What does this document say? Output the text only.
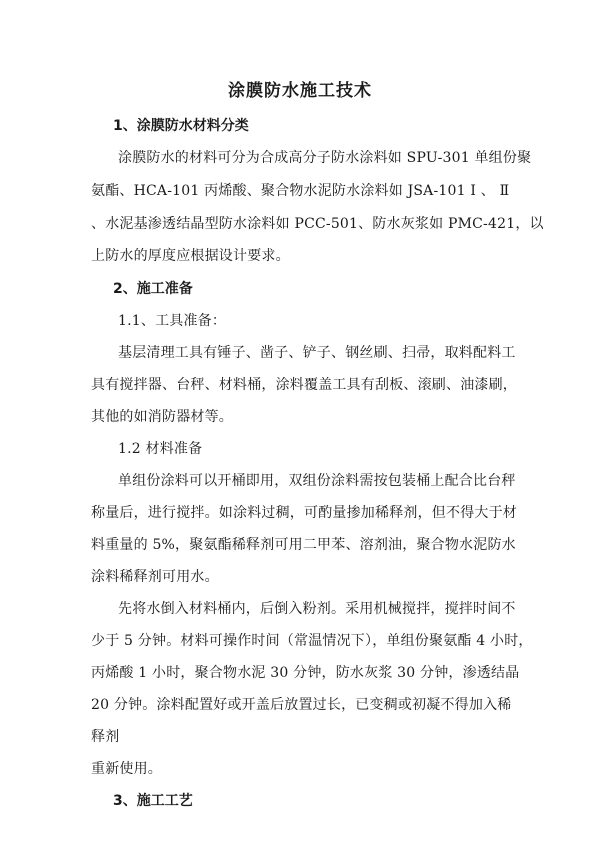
涂膜防水施工技术
1、涂膜防水材料分类

涂膜防水的材料可分为合成高分子防水涂料如 SPU-301 单组份聚

氨酯、HCA-101 丙烯酸、聚合物水泥防水涂料如 JSA-101 Ⅰ 、 Ⅱ

、水泥基渗透结晶型防水涂料如 PCC-501、防水灰浆如 PMC-421，以

上防水的厚度应根据设计要求。

2、施工准备

1.1、工具准备：

基层清理工具有锤子、凿子、铲子、钢丝刷、扫帚，取料配料工

具有搅拌器、台秤、材料桶，涂料覆盖工具有刮板、滚刷、油漆刷，

其他的如消防器材等。

1.2 材料准备

单组份涂料可以开桶即用，双组份涂料需按包装桶上配合比台秤

称量后，进行搅拌。如涂料过稠，可酌量掺加稀释剂，但不得大于材

料重量的 5%，聚氨酯稀释剂可用二甲苯、溶剂油，聚合物水泥防水

涂料稀释剂可用水。

先将水倒入材料桶内，后倒入粉剂。采用机械搅拌，搅拌时间不

少于 5 分钟。材料可操作时间（常温情况下），单组份聚氨酯 4 小时，

丙烯酸 1 小时，聚合物水泥 30 分钟，防水灰浆 30 分钟，渗透结晶

20 分钟。涂料配置好或开盖后放置过长，已变稠或初凝不得加入稀

释剂

重新使用。

3、施工工艺
